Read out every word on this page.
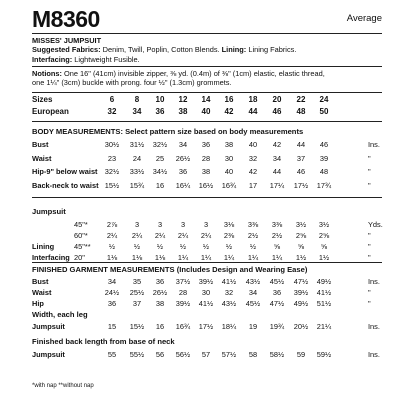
M8360	Average
MISSES' JUMPSUIT
Suggested Fabrics: Denim, Twill, Poplin, Cotton Blends. Lining: Lining Fabrics.
Interfacing: Lightweight Fusible.
Notions: One 16" (41cm) invisible zipper, ⅜ yd. (0.4m) of ⅜" (1cm) elastic, elastic thread,
one 1¼" (3cm) buckle with prong. four ½" (1.3cm) grommets.
Sizes	6	8	10	12	14	16	18	20	22	24
European	32	34	36	38	40	42	44	46	48	50
BODY MEASUREMENTS: Select pattern size based on body measurements
Bust	30½	31½	32½	34	36	38	40	42	44	46	Ins.
Waist	23	24	25	26½	28	30	32	34	37	39	"
Hip-9" below waist 32½	33½	34½	36	38	40	42	44	46	48	"
Back-neck to waist 15½	15¾	16	16¼	16½	16¾	17	17¼	17½	17¾	"
Jumpsuit
45"*	2⅞	3	3	3	3	3⅛	3⅜	3⅜	3½	3½	Yds.
60"*	2¼	2¼	2¼	2¼	2¼	2⅜	2½	2½	2⅝	2⅝	"
Lining	45"**	½	½	½	½	½	½	½	⅝	⅝	⅝	"
Interfacing 20"	1⅛	1⅛	1⅛	1¼	1¼	1¼	1¼	1¼	1½	1½	"
FINISHED GARMENT MEASUREMENTS (Includes Design and Wearing Ease)
Bust	34	35	36	37½	39½	41½	43½	45½	47½	49½	Ins.
Waist	24½	25½	26½	28	30	32	34	36	39½	41½	"
Hip	36	37	38	39½	41½	43½	45½	47½	49½	51½	"
Width, each leg
Jumpsuit	15	15½	16	16¾	17½	18¼	19	19¾	20½	21¼	Ins.
Finished back length from base of neck
Jumpsuit	55	55½	56	56½	57	57½	58	58½	59	59½	Ins.
*with nap **without nap
